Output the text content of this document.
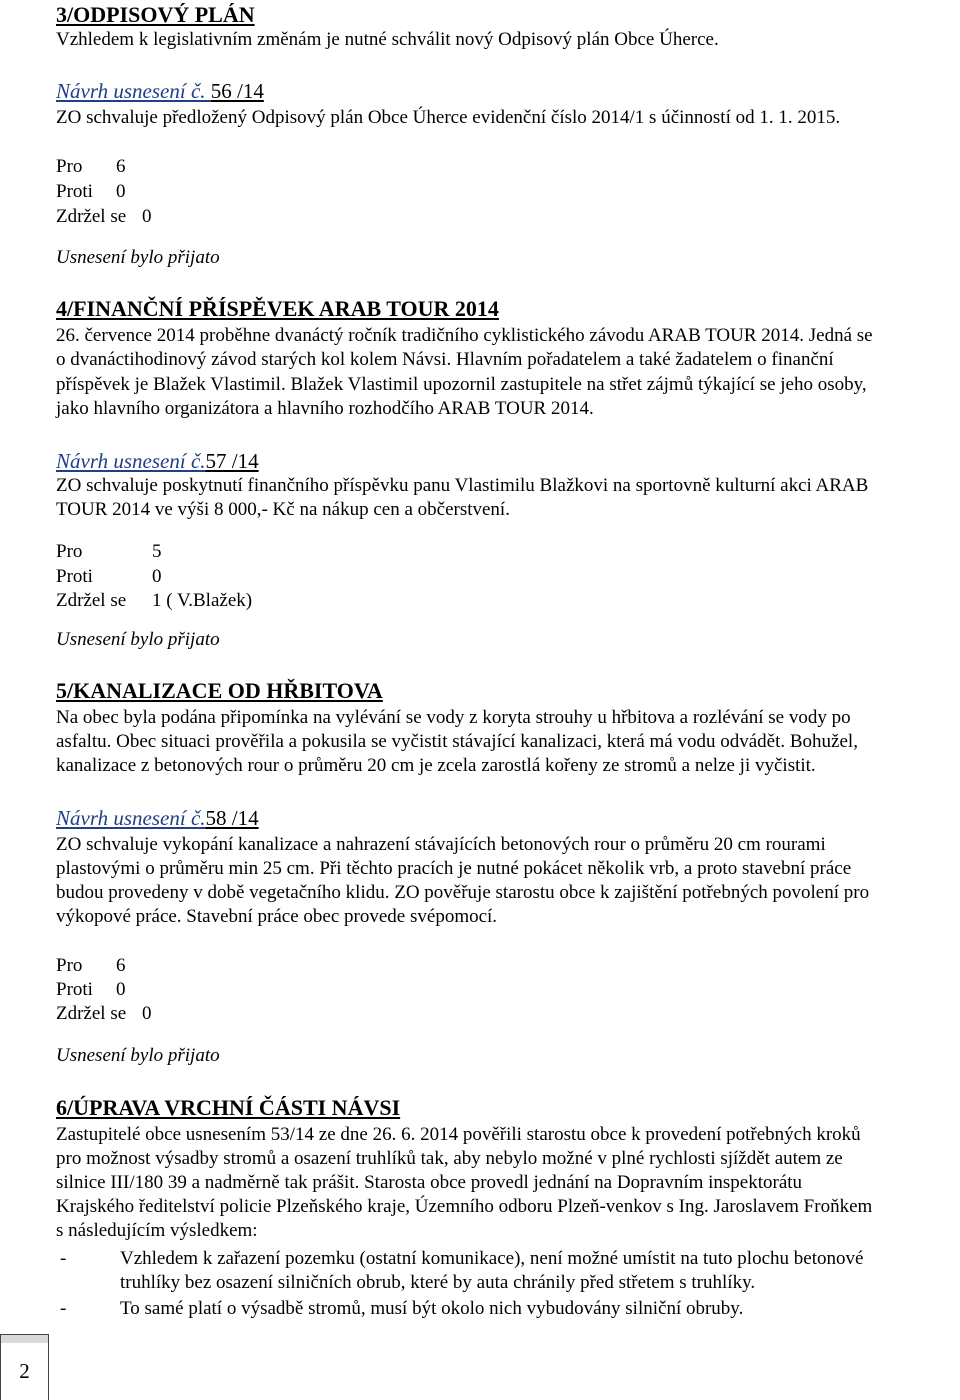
3/ODPISOVÝ PLÁN
Vzhledem k legislativním změnám je nutné schválit nový Odpisový plán Obce Úherce.
Návrh usnesení č. 56 /14
ZO schvaluje předložený Odpisový plán Obce Úherce evidenční číslo 2014/1 s účinností od 1. 1. 2015.
Pro 6
Proti 0
Zdržel se 0
Usnesení bylo přijato
4/FINANČNÍ PŘÍSPĚVEK ARAB TOUR 2014
26. července 2014 proběhne dvanáctý ročník tradičního cyklistického závodu ARAB TOUR 2014. Jedná se
o dvanáctihodinový závod starých kol kolem Návsi. Hlavním pořadatelem a také žadatelem o finanční
příspěvek je Blažek Vlastimil. Blažek Vlastimil upozornil zastupitele na střet zájmů týkající se jeho osoby,
jako hlavního organizátora a hlavního rozhodčího ARAB TOUR 2014.
Návrh usnesení č.57 /14
ZO schvaluje poskytnutí finančního příspěvku panu Vlastimilu Blažkovi na sportovně kulturní akci ARAB
TOUR 2014 ve výši 8 000,- Kč na nákup cen a občerstvení.
Pro	5
Proti	0
Zdržel se 1 ( V.Blažek)
Usnesení bylo přijato
5/KANALIZACE OD HŘBITOVA
Na obec byla podána připomínka na vylévání se vody z koryta strouhy u hřbitova a rozlévání se vody po
asfaltu. Obec situaci prověřila a pokusila se vyčistit stávající kanalizaci, která má vodu odvádět. Bohužel,
kanalizace z betonových rour o průměru 20 cm je zcela zarostlá kořeny ze stromů a nelze ji vyčistit.
Návrh usnesení č.58 /14
ZO schvaluje vykopání kanalizace a nahrazení stávajících betonových rour o průměru 20 cm rourami
plastovými o průměru min 25 cm. Při těchto pracích je nutné pokácet několik vrb, a proto stavební práce
budou provedeny v době vegetačního klidu. ZO pověřuje starostu obce k zajištění potřebných povolení pro
výkopové práce. Stavební práce obec provede svépomocí.
Pro 6
Proti 0
Zdržel se 0
Usnesení bylo přijato
6/ÚPRAVA VRCHNÍ ČÁSTI NÁVSI
Zastupitelé obce usnesením 53/14 ze dne 26. 6. 2014 pověřili starostu obce k provedení potřebných kroků
pro možnost výsadby stromů a osazení truhlíků tak, aby nebylo možné v plné rychlosti sjíždět autem ze
silnice III/180 39 a nadměrně tak prášit. Starosta obce provedl jednání na Dopravním inspektorátu
Krajského ředitelství policie Plzeňského kraje, Územního odboru Plzeň-venkov s Ing. Jaroslavem Froňkem
s následujícím výsledkem:
-	Vzhledem k zařazení pozemku (ostatní komunikace), není možné umístit na tuto plochu betonové
truhlíky bez osazení silničních obrub, které by auta chránily před střetem s truhlíky.
-	To samé platí o výsadbě stromů, musí být okolo nich vybudovány silniční obruby.
2
